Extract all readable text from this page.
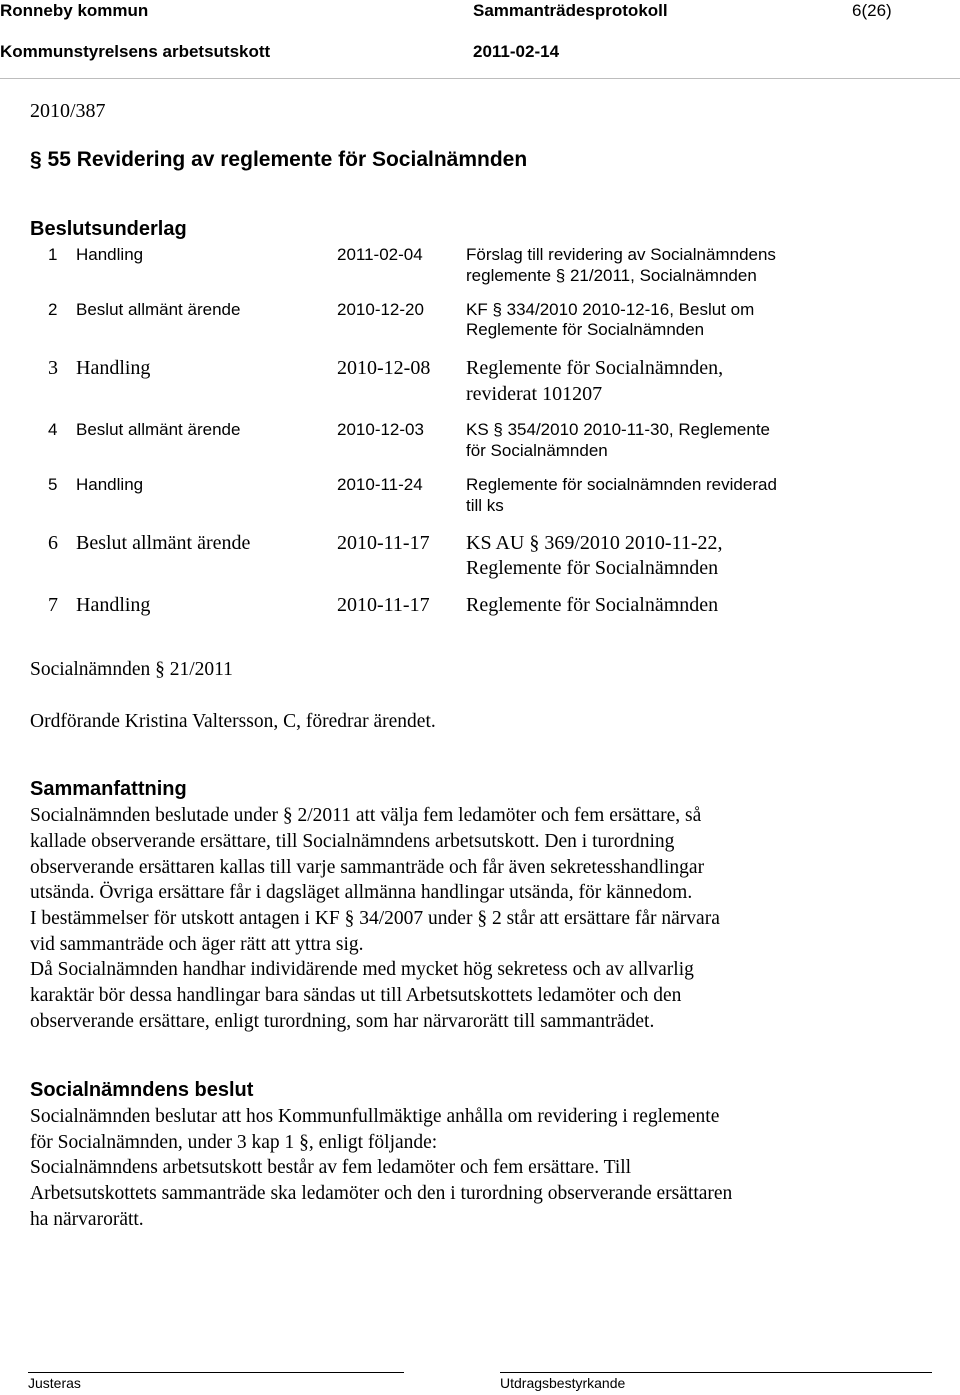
Ronneby kommun	Sammanträdesprotokoll	6(26)
Kommunstyrelsens arbetsutskott	2011-02-14
2010/387
§ 55 Revidering av reglemente för Socialnämnden
Beslutsunderlag
1 Handling	2011-02-04	Förslag till revidering av Socialnämndens
reglemente § 21/2011, Socialnämnden
2 Beslut allmänt ärende	2010-12-20 KF § 334/2010 2010-12-16, Beslut om
Reglemente för Socialnämnden
3 Handling	2010-12-08 Reglemente för Socialnämnden,
reviderat 101207
4 Beslut allmänt ärende	2010-12-03 KS § 354/2010 2010-11-30, Reglemente
för Socialnämnden
5 Handling	2010-11-24	Reglemente för socialnämnden reviderad
till ks
6 Beslut allmänt ärende	2010-11-17 KS AU § 369/2010 2010-11-22,
Reglemente för Socialnämnden
7 Handling	2010-11-17 Reglemente för Socialnämnden
Socialnämnden § 21/2011
Ordförande Kristina Valtersson, C, föredrar ärendet.
Sammanfattning
Socialnämnden beslutade under § 2/2011 att välja fem ledamöter och fem ersättare, så
kallade observerande ersättare, till Socialnämndens arbetsutskott. Den i turordning
observerande ersättaren kallas till varje sammanträde och får även sekretesshandlingar
utsända. Övriga ersättare får i dagsläget allmänna handlingar utsända, för kännedom.
I bestämmelser för utskott antagen i KF § 34/2007 under § 2 står att ersättare får närvara
vid sammanträde och äger rätt att yttra sig.
Då Socialnämnden handhar individärende med mycket hög sekretess och av allvarlig
karaktär bör dessa handlingar bara sändas ut till Arbetsutskottets ledamöter och den
observerande ersättare, enligt turordning, som har närvarorätt till sammanträdet.
Socialnämndens beslut
Socialnämnden beslutar att hos Kommunfullmäktige anhålla om revidering i reglemente
för Socialnämnden, under 3 kap 1 §, enligt följande:
Socialnämndens arbetsutskott består av fem ledamöter och fem ersättare. Till
Arbetsutskottets sammanträde ska ledamöter och den i turordning observerande ersättaren
ha närvarorätt.
Justeras	Utdragsbestyrkande
